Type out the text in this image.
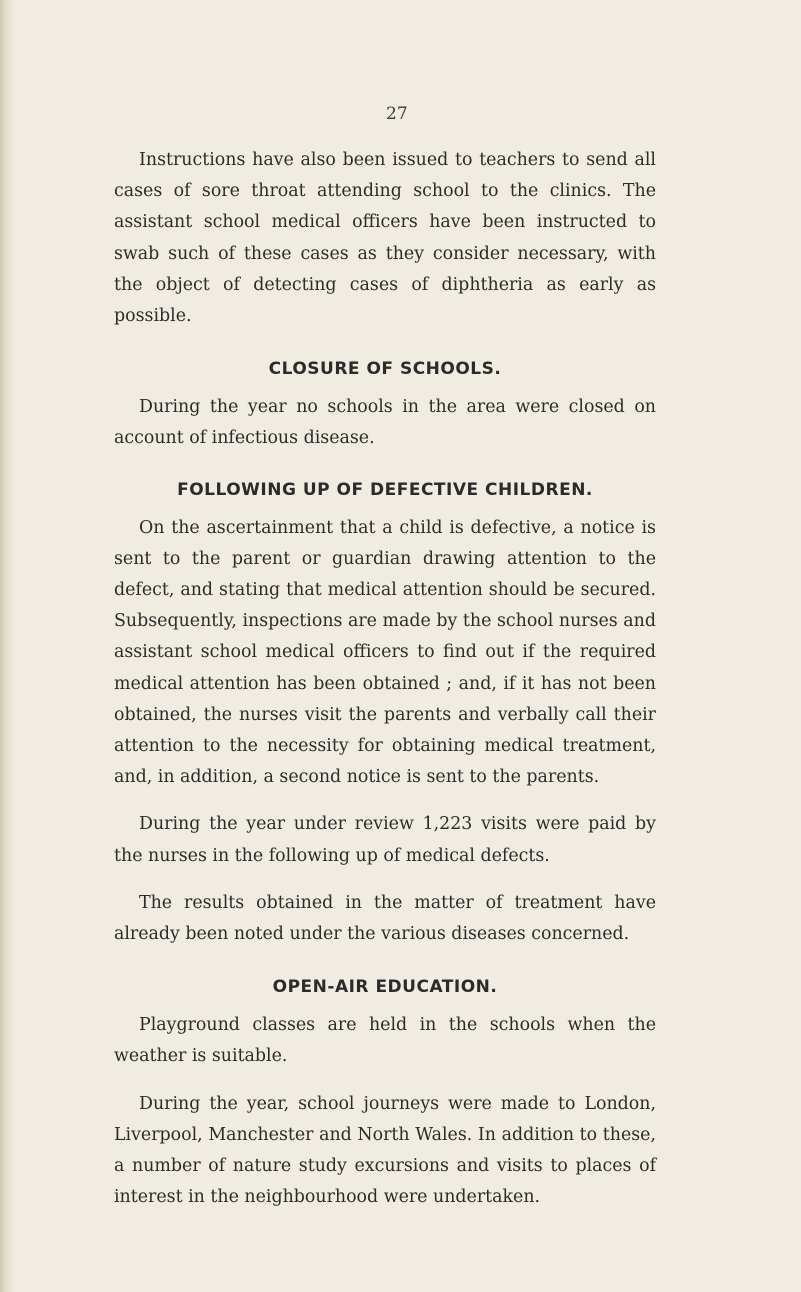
27

Instructions have also been issued to teachers to send all cases of sore throat attending school to the clinics. The assistant school medical officers have been instructed to swab such of these cases as they consider necessary, with the object of detecting cases of diphtheria as early as possible.

CLOSURE OF SCHOOLS.

During the year no schools in the area were closed on account of infectious disease.

FOLLOWING UP OF DEFECTIVE CHILDREN.

On the ascertainment that a child is defective, a notice is sent to the parent or guardian drawing attention to the defect, and stating that medical attention should be secured. Subsequently, inspections are made by the school nurses and assistant school medical officers to find out if the required medical attention has been obtained ; and, if it has not been obtained, the nurses visit the parents and verbally call their attention to the necessity for obtaining medical treatment, and, in addition, a second notice is sent to the parents.

During the year under review 1,223 visits were paid by the nurses in the following up of medical defects.

The results obtained in the matter of treatment have already been noted under the various diseases concerned.

OPEN-AIR EDUCATION.

Playground classes are held in the schools when the weather is suitable.

During the year, school journeys were made to London, Liverpool, Manchester and North Wales. In addition to these, a number of nature study excursions and visits to places of interest in the neighbourhood were undertaken.
